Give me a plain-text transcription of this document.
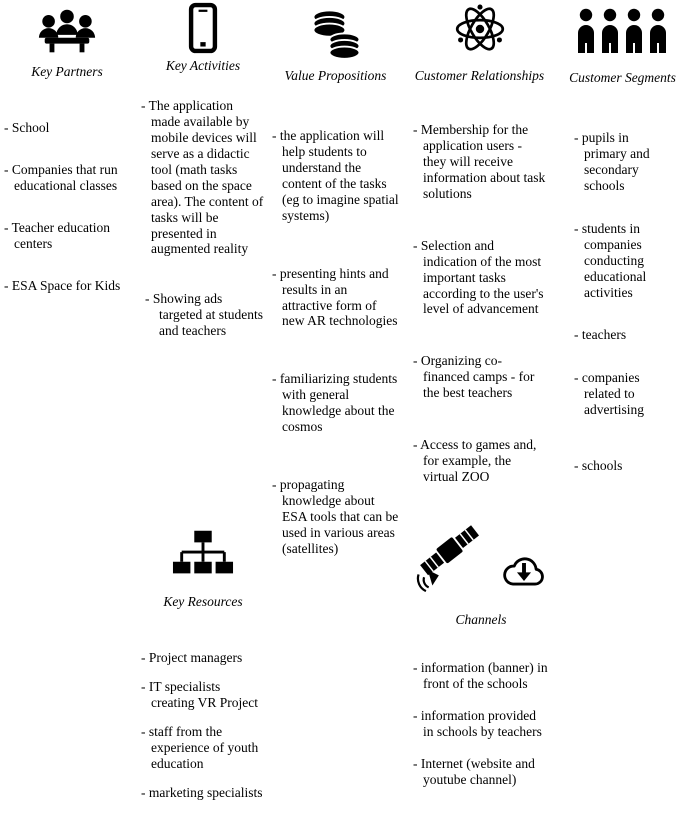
Key Partners
- School
- Companies that run educational classes
- Teacher education centers
- ESA Space for Kids
Key Activities
- The application made available by mobile devices will serve as a didactic tool (math tasks based on the space area). The content of tasks will be presented in augmented reality
- Showing ads targeted at students and teachers
Value Propositions
- the application will help students to understand the content of the tasks (eg to imagine spatial systems)
- presenting hints and results in an attractive form of new AR technologies
- familiarizing students with general knowledge about the cosmos
- propagating knowledge about ESA tools that can be used in various areas (satellites)
Customer Relationships
- Membership for the application users - they will receive information about task solutions
- Selection and indication of the most important tasks according to the user's level of advancement
- Organizing co-financed camps - for the best teachers
- Access to games and, for example, the virtual ZOO
Customer Segments
- pupils in primary and secondary schools
- students in companies conducting educational activities
- teachers
- companies related to advertising
- schools
Key Resources
- Project managers
- IT specialists creating VR Project
- staff from the experience of youth education
- marketing specialists
Channels
- information (banner) in front of the schools
- information provided in schools by teachers
- Internet (website and youtube channel)
